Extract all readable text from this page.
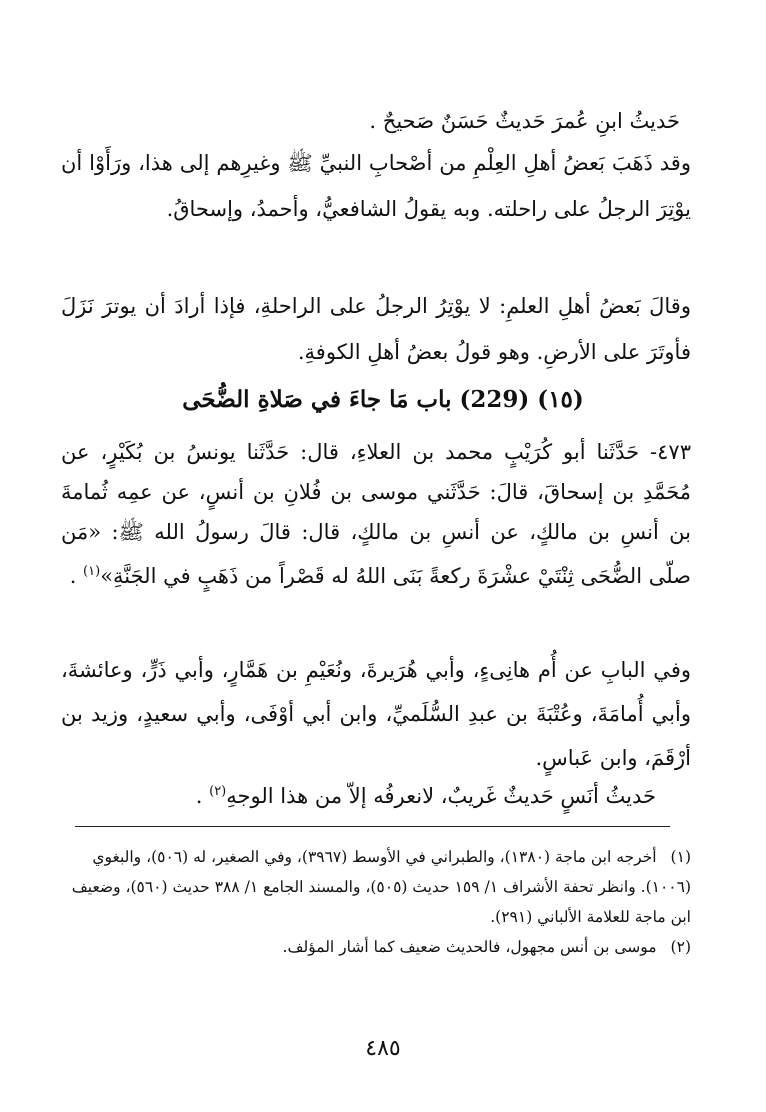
حَديثُ ابنِ عُمرَ حَديثٌ حَسَنٌ صَحيحٌ .
وقد ذَهَبَ بَعضُ أهلِ العِلْمِ من أصْحابِ النبيِّ ﷺ وغيرِهم إلى هذا، ورَأَوْا أن يوْتِرَ الرجلُ على راحلته. وبه يقولُ الشافعيُّ، وأحمدُ، وإسحاقُ.
وقالَ بَعضُ أهلِ العلمِ: لا يوْتِرُ الرجلُ على الراحلةِ، فإذا أرادَ أن يوترَ نَزَلَ فأوتَرَ على الأرضِ. وهو قولُ بعضُ أهلِ الكوفةِ.
(١٥) (229) باب مَا جاءَ في صَلاةِ الضُّحَى
٤٧٣- حَدَّثَنا أبو كُرَيْبٍ محمد بن العلاءِ، قال: حَدَّثَنا يونسُ بن بُكَيْرٍ، عن مُحَمَّدِ بن إسحاقَ، قالَ: حَدَّثَني موسى بن فُلانِ بن أنسٍ، عن عمِه ثُمامةَ بن أنسِ بن مالكٍ، عن أنسِ بن مالكٍ، قال: قالَ رسولُ الله ﷺ: «مَن صلّى الضُّحَى ثِنْتَيْ عشْرَةَ ركعةً بَنَى اللهُ له قَصْراً من ذَهَبٍ في الجَنَّةِ»$^{(١)}$ .
وفي البابِ عن أُم هانِىءٍ، وأبي هُرَيرةَ، ونُعَيْمِ بن هَمَّارٍ، وأبي ذَرٍّ، وعائشةَ، وأبي أُمامَةَ، وعُتْبَةَ بن عبدِ السُّلَميِّ، وابن أبي أوْفَى، وأبي سعيدٍ، وزيد بن أرْقَمَ، وابن عَباسٍ.
حَديثُ أنَسٍ حَديثٌ غَريبٌ، لانعرفُه إلاّ من هذا الوجهِ$^{(٢)}$ .
(١)أخرجه ابن ماجة (١٣٨٠)، والطبراني في الأوسط (٣٩٦٧)، وفي الصغير، له (٥٠٦)، والبغوي (١٠٠٦). وانظر تحفة الأشراف ١/ ١٥٩ حديث (٥٠٥)، والمسند الجامع ١/ ٣٨٨ حديث (٥٦٠)، وضعيف ابن ماجة للعلامة الألباني (٢٩١).
(٢)موسى بن أنس مجهول، فالحديث ضعيف كما أشار المؤلف.
٤٨٥
